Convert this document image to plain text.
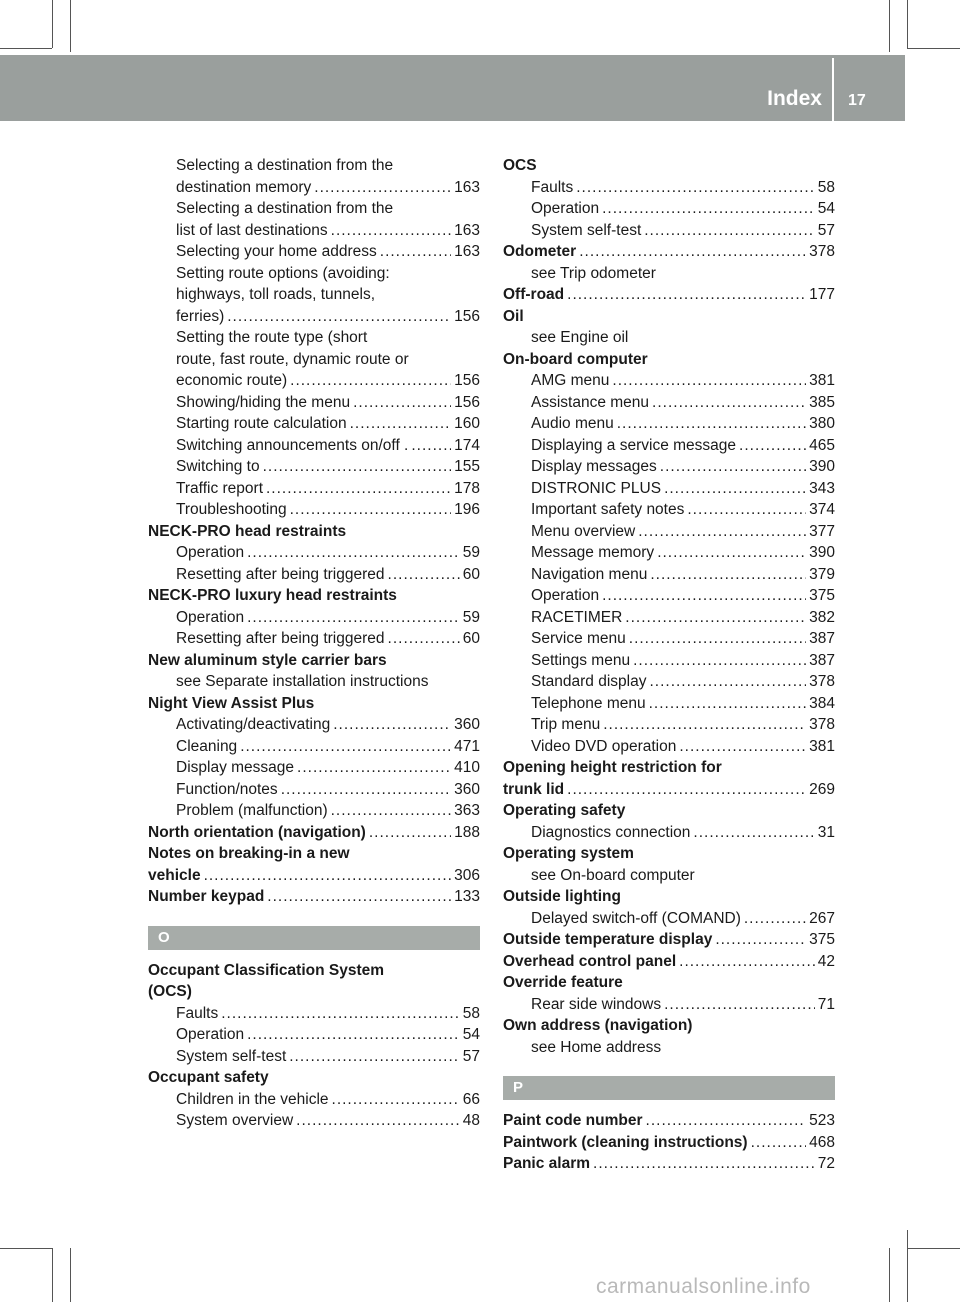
Index 17
Selecting a destination from the
destination memory .....	163
Selecting a destination from the
list of last destinations .....	163
Selecting your home address .....	163
Setting route options (avoiding:
highways, toll roads, tunnels,
ferries) .....	156
Setting the route type (short
route, fast route, dynamic route or
economic route) .....	156
Showing/hiding the menu .....	156
Starting route calculation .....	160
Switching announcements on/off . .....	174
Switching to .....	155
Traffic report .....	178
Troubleshooting .....	196
NECK-PRO head restraints
Operation .....	59
Resetting after being triggered .....	60
NECK-PRO luxury head restraints
Operation .....	59
Resetting after being triggered .....	60
New aluminum style carrier bars
see Separate installation instructions
Night View Assist Plus
Activating/deactivating .....	360
Cleaning .....	471
Display message .....	410
Function/notes .....	360
Problem (malfunction) .....	363
North orientation (navigation) .....	188
Notes on breaking-in a new
vehicle .....	306
Number keypad .....	133
O
Occupant Classification System
(OCS)
Faults .....	58
Operation .....	54
System self-test .....	57
Occupant safety
Children in the vehicle .....	66
System overview .....	48
OCS
Faults .....	58
Operation .....	54
System self-test .....	57
Odometer .....	378
see Trip odometer
Off-road .....	177
Oil
see Engine oil
On-board computer
AMG menu .....	381
Assistance menu .....	385
Audio menu .....	380
Displaying a service message .....	465
Display messages .....	390
DISTRONIC PLUS .....	343
Important safety notes .....	374
Menu overview .....	377
Message memory .....	390
Navigation menu .....	379
Operation .....	375
RACETIMER .....	382
Service menu .....	387
Settings menu .....	387
Standard display .....	378
Telephone menu .....	384
Trip menu .....	378
Video DVD operation .....	381
Opening height restriction for
trunk lid .....	269
Operating safety
Diagnostics connection .....	31
Operating system
see On-board computer
Outside lighting
Delayed switch-off (COMAND) .....	267
Outside temperature display .....	375
Overhead control panel .....	42
Override feature
Rear side windows .....	71
Own address (navigation)
see Home address
P
Paint code number .....	523
Paintwork (cleaning instructions) .....	468
Panic alarm .....	72
carmanualsonline.info
